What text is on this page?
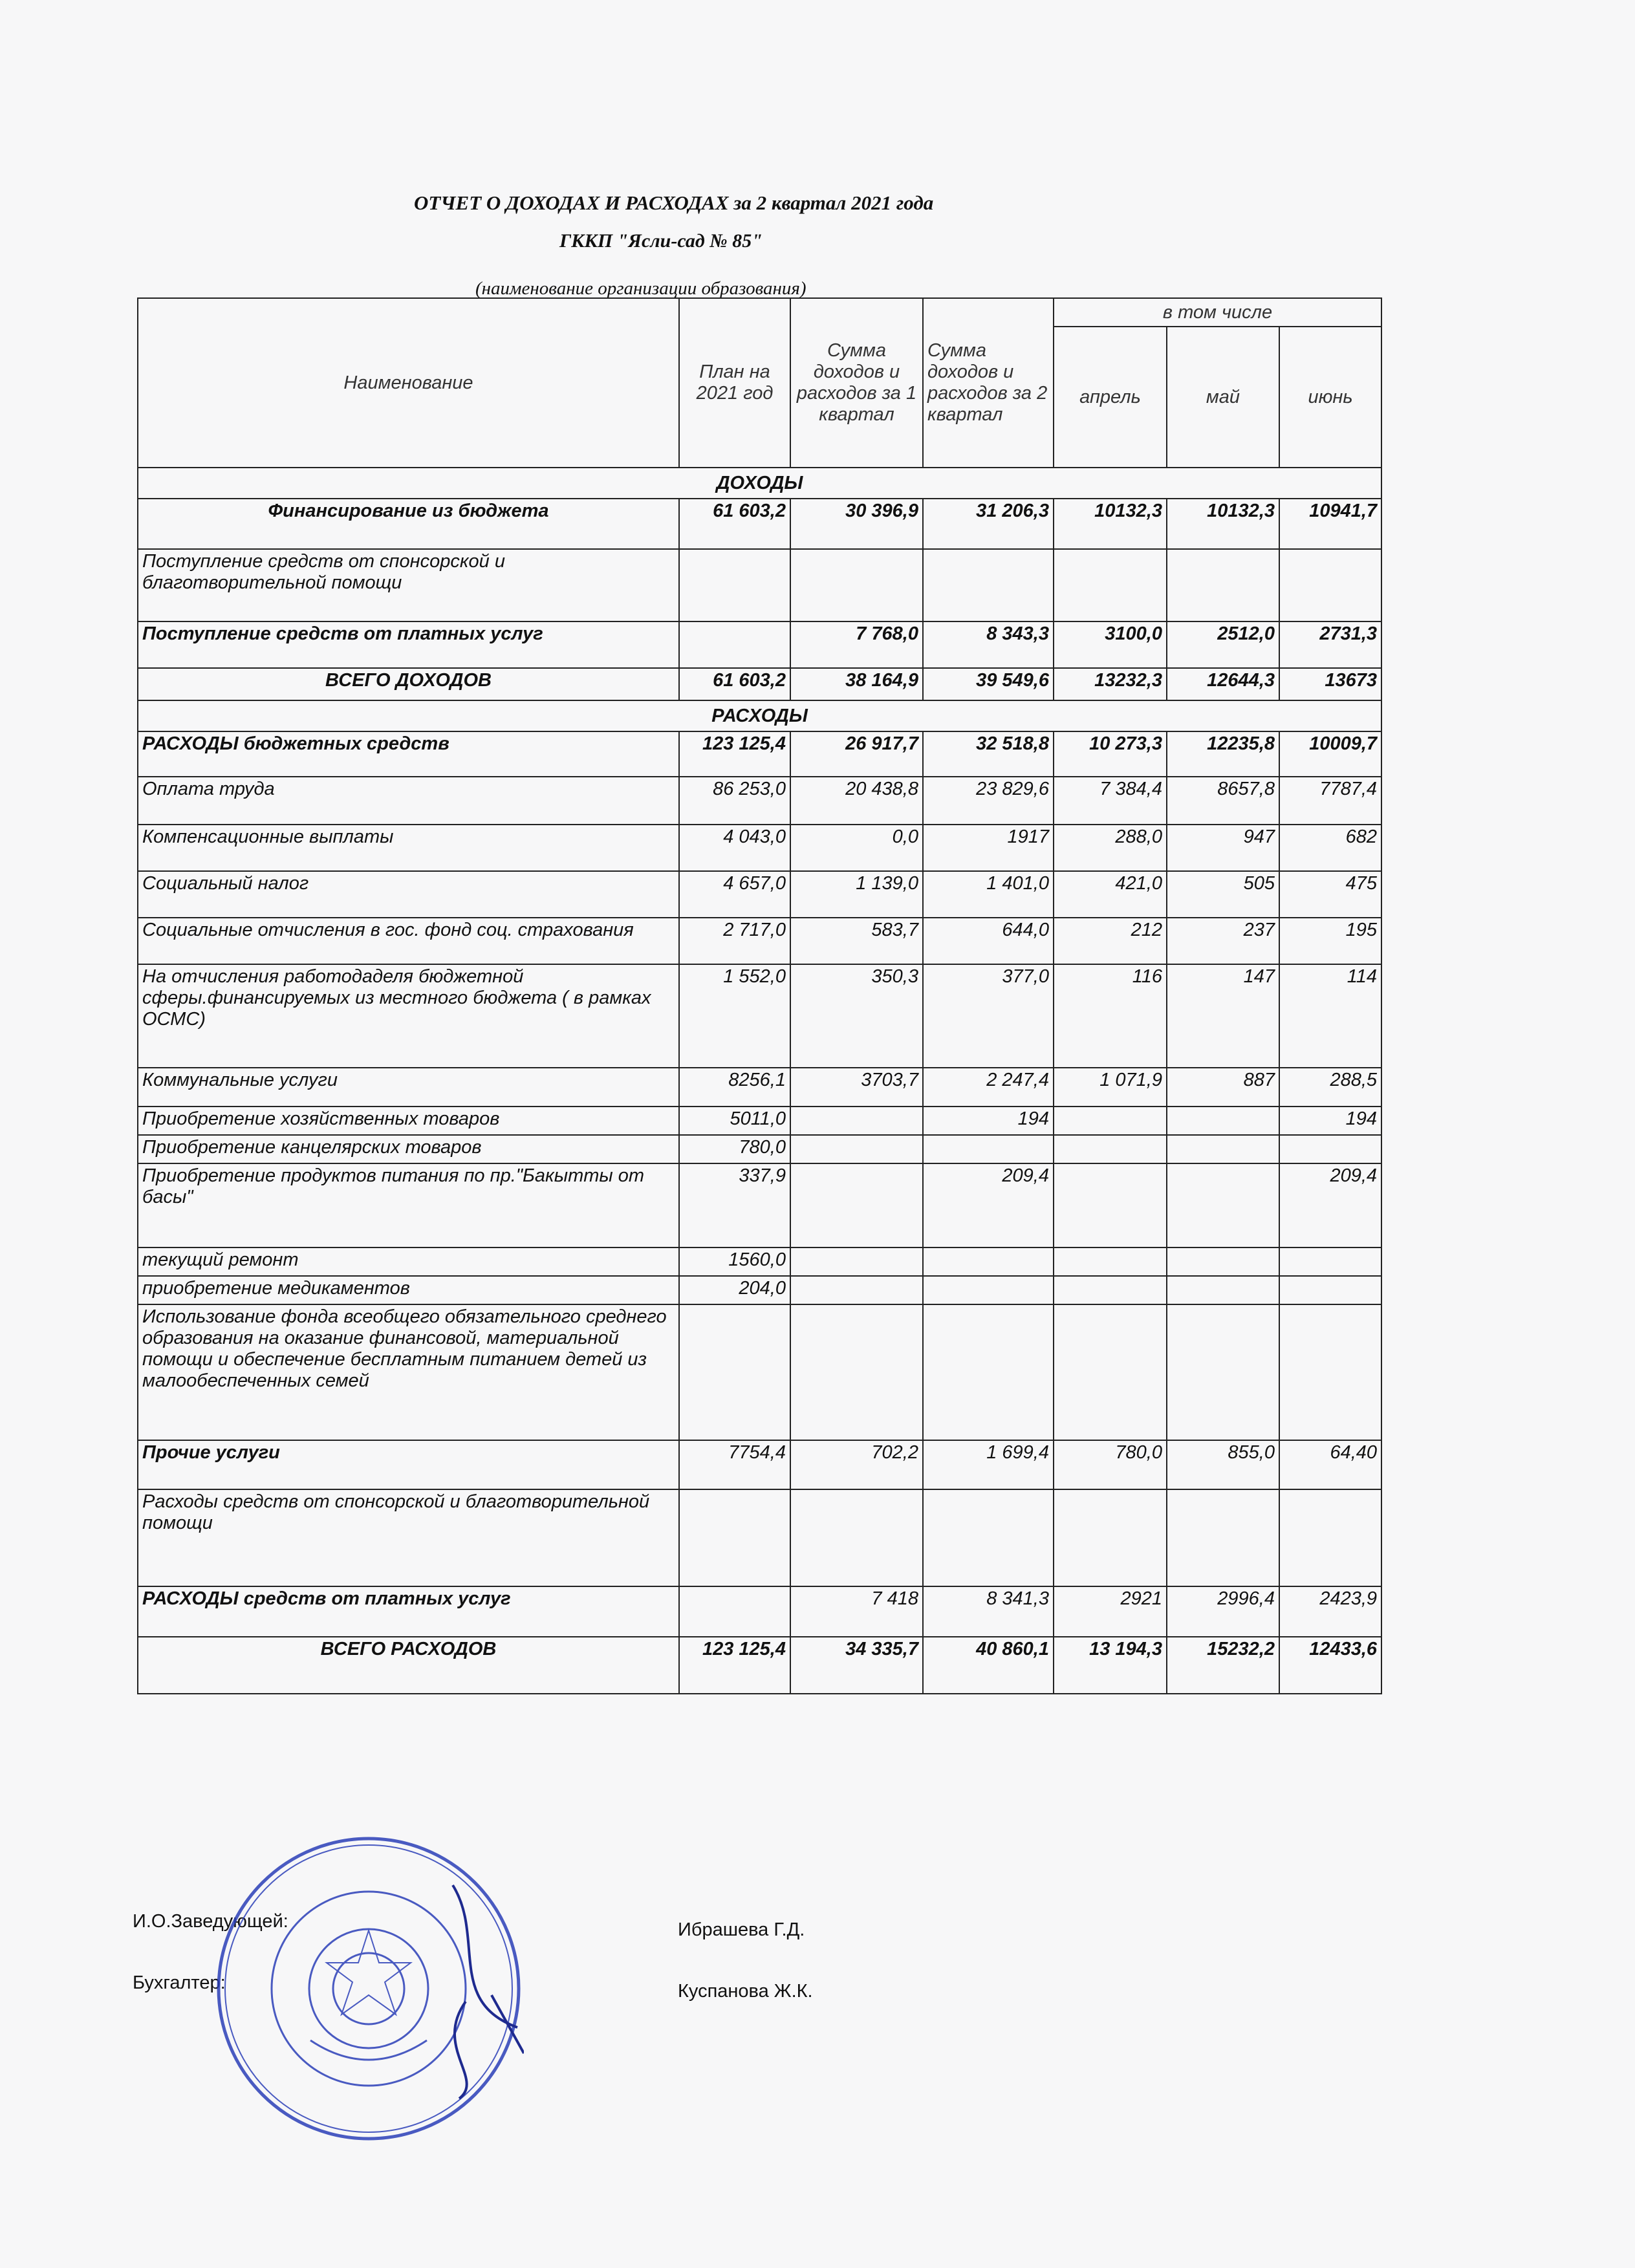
ОТЧЕТ О ДОХОДАХ И РАСХОДАХ за 2 квартал 2021 года
ГККП "Ясли-сад № 85"
(наименование организации образования)
Наименование	План на 2021 год	Сумма доходов и расходов за 1 квартал	Сумма доходов и расходов за 2 квартал	в том числе		
				апрель	май	июнь
ДОХОДЫ						
Финансирование из бюджета	61 603,2	30 396,9	31 206,3	10132,3	10132,3	10941,7
Поступление средств от спонсорской и благотворительной помощи						
Поступление средств от платных услуг		7 768,0	8 343,3	3100,0	2512,0	2731,3
ВСЕГО ДОХОДОВ	61 603,2	38 164,9	39 549,6	13232,3	12644,3	13673
РАСХОДЫ						
РАСХОДЫ бюджетных средств	123 125,4	26 917,7	32 518,8	10 273,3	12235,8	10009,7
Оплата труда	86 253,0	20 438,8	23 829,6	7 384,4	8657,8	7787,4
Компенсационные выплаты	4 043,0	0,0	1917	288,0	947	682
Социальный налог	4 657,0	1 139,0	1 401,0	421,0	505	475
Социальные отчисления в гос. фонд соц. страхования	2 717,0	583,7	644,0	212	237	195
На отчисления работодаделя бюджетной сферы.финансируемых из местного бюджета ( в рамках ОСМС)	1 552,0	350,3	377,0	116	147	114
Коммунальные услуги	8256,1	3703,7	2 247,4	1 071,9	887	288,5
Приобретение хозяйственных товаров	5011,0		194			194
Приобретение канцелярских товаров	780,0					
Приобретение продуктов питания по пр."Бакытты от басы"	337,9		209,4			209,4
текущий ремонт	1560,0					
приобретение медикаментов	204,0					
Использование фонда всеобщего обязательного среднего образования на оказание финансовой, материальной помощи и обеспечение бесплатным питанием детей из малообеспеченных семей						
Прочие услуги	7754,4	702,2	1 699,4	780,0	855,0	64,40
Расходы средств от спонсорской и благотворительной помощи						
РАСХОДЫ средств от платных услуг		7 418	8 341,3	2921	2996,4	2423,9
ВСЕГО РАСХОДОВ	123 125,4	34 335,7	40 860,1	13 194,3	15232,2	12433,6
И.О.Заведующей:	Ибрашева Г.Д.
Бухгалтер:	Куспанова Ж.К.
